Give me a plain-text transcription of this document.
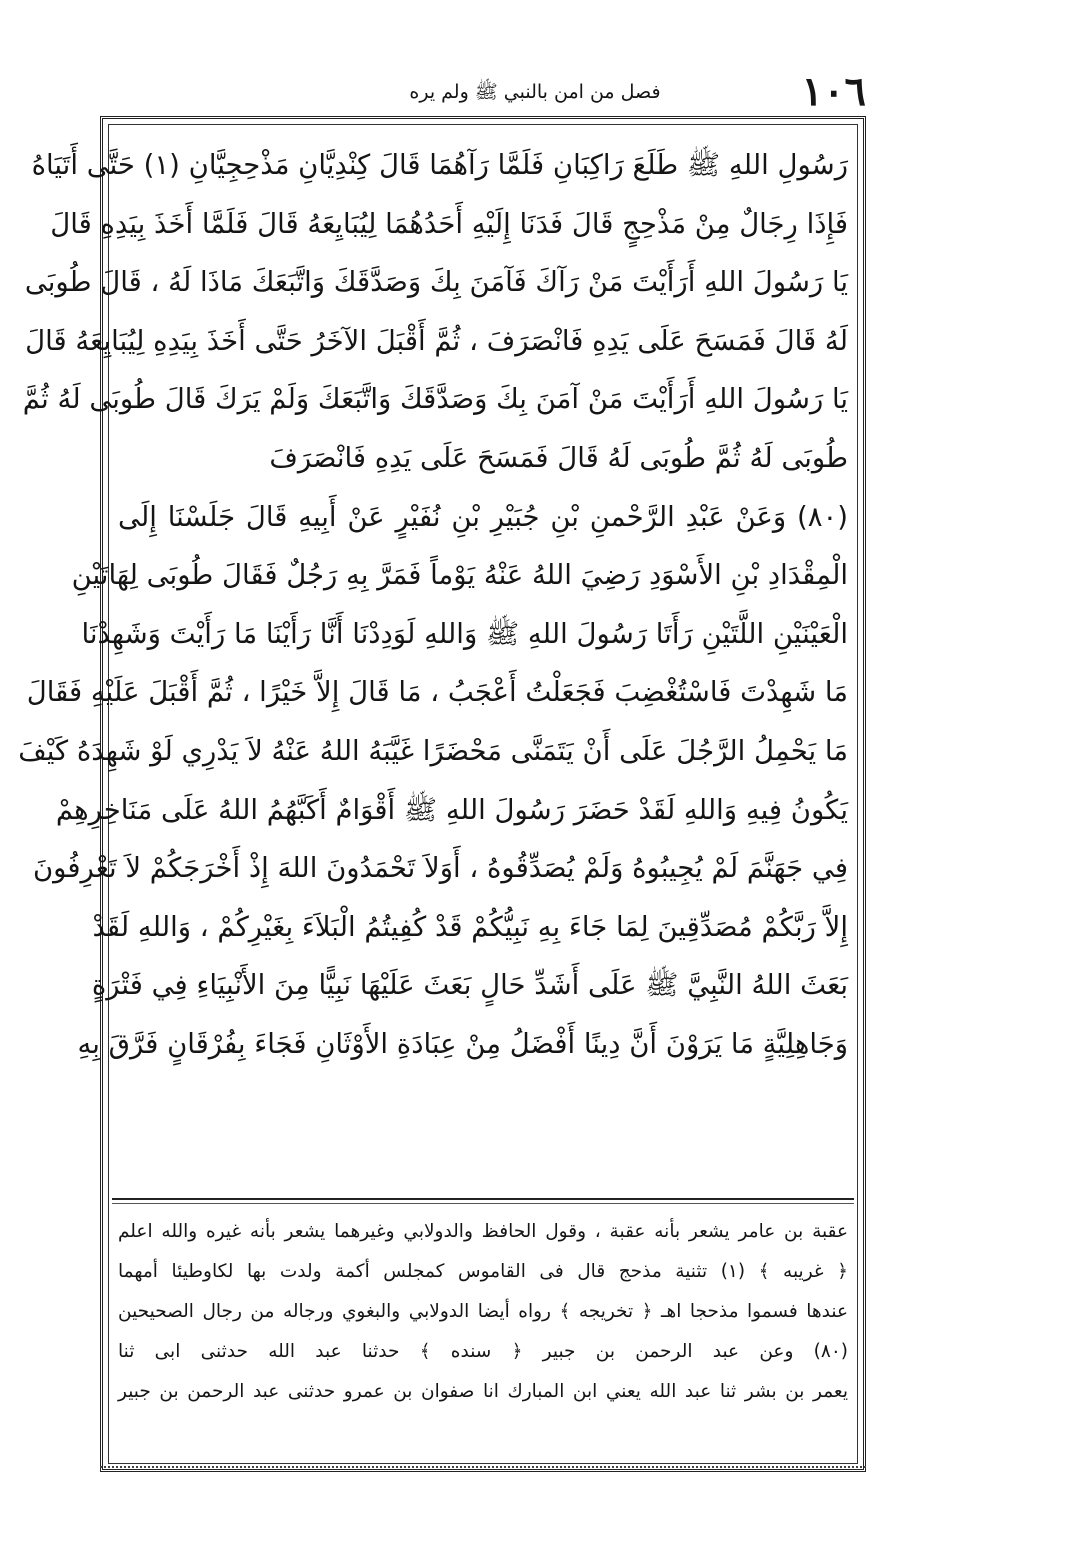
١٠٦
فصل من امن بالنبي ﷺ ولم يره
رَسُولِ اللهِ ﷺ طَلَعَ رَاكِبَانِ فَلَمَّا رَآهُمَا قَالَ كِنْدِيَّانِ مَذْحِجِيَّانِ (١) حَتَّى أَتَيَاهُ
فَإِذَا رِجَالٌ مِنْ مَذْحِجٍ قَالَ فَدَنَا إِلَيْهِ أَحَدُهُمَا لِيُبَايِعَهُ قَالَ فَلَمَّا أَخَذَ بِيَدِهِ قَالَ
يَا رَسُولَ اللهِ أَرَأَيْتَ مَنْ رَآكَ فَآمَنَ بِكَ وَصَدَّقَكَ وَاتَّبَعَكَ مَاذَا لَهُ ، قَالَ طُوبَى
لَهُ قَالَ فَمَسَحَ عَلَى يَدِهِ فَانْصَرَفَ ، ثُمَّ أَقْبَلَ الآخَرُ حَتَّى أَخَذَ بِيَدِهِ لِيُبَايِعَهُ قَالَ
يَا رَسُولَ اللهِ أَرَأَيْتَ مَنْ آمَنَ بِكَ وَصَدَّقَكَ وَاتَّبَعَكَ وَلَمْ يَرَكَ قَالَ طُوبَى لَهُ ثُمَّ
طُوبَى لَهُ ثُمَّ طُوبَى لَهُ قَالَ فَمَسَحَ عَلَى يَدِهِ فَانْصَرَفَ
(٨٠) وَعَنْ عَبْدِ الرَّحْمنِ بْنِ جُبَيْرِ بْنِ نُفَيْرٍ عَنْ أَبِيهِ قَالَ جَلَسْنَا إِلَى
الْمِقْدَادِ بْنِ الأَسْوَدِ رَضِيَ اللهُ عَنْهُ يَوْماً فَمَرَّ بِهِ رَجُلٌ فَقَالَ طُوبَى لِهَاتَيْنِ
الْعَيْنَيْنِ اللَّتَيْنِ رَأَتَا رَسُولَ اللهِ ﷺ وَاللهِ لَوَدِدْنَا أَنَّا رَأَيْنَا مَا رَأَيْتَ وَشَهِدْنَا
مَا شَهِدْتَ فَاسْتُغْضِبَ فَجَعَلْتُ أَعْجَبُ ، مَا قَالَ إِلاَّ خَيْرًا ، ثُمَّ أَقْبَلَ عَلَيْهِ فَقَالَ
مَا يَحْمِلُ الرَّجُلَ عَلَى أَنْ يَتَمَنَّى مَحْضَرًا غَيَّبَهُ اللهُ عَنْهُ لاَ يَدْرِي لَوْ شَهِدَهُ كَيْفَ
يَكُونُ فِيهِ وَاللهِ لَقَدْ حَضَرَ رَسُولَ اللهِ ﷺ أَقْوَامٌ أَكَبَّهُمُ اللهُ عَلَى مَنَاخِرِهِمْ
فِي جَهَنَّمَ لَمْ يُجِيبُوهُ وَلَمْ يُصَدِّقُوهُ ، أَوَلاَ تَحْمَدُونَ اللهَ إِذْ أَخْرَجَكُمْ لاَ تَعْرِفُونَ
إِلاَّ رَبَّكُمْ مُصَدِّقِينَ لِمَا جَاءَ بِهِ نَبِيُّكُمْ قَدْ كُفِيتُمُ الْبَلاَءَ بِغَيْرِكُمْ ، وَاللهِ لَقَدْ
بَعَثَ اللهُ النَّبِيَّ ﷺ عَلَى أَشَدِّ حَالٍ بَعَثَ عَلَيْهَا نَبِيًّا مِنَ الأَنْبِيَاءِ فِي فَتْرَةٍ
وَجَاهِلِيَّةٍ مَا يَرَوْنَ أَنَّ دِينًا أَفْضَلُ مِنْ عِبَادَةِ الأَوْثَانِ فَجَاءَ بِفُرْقَانٍ فَرَّقَ بِهِ
عقبة بن عامر يشعر بأنه عقبة ، وقول الحافظ والدولابي وغيرهما يشعر بأنه غيره والله اعلم
﴿ غريبه ﴾ (١) تثنية مذحج قال فى القاموس كمجلس أكمة ولدت بها لكاوطيئا أمهما
عندها فسموا مذحجا اهـ ﴿ تخريجه ﴾ رواه أيضا الدولابي والبغوي ورجاله من رجال الصحيحين
(٨٠) وعن عبد الرحمن بن جبير ﴿ سنده ﴾ حدثنا عبد الله حدثنى ابى ثنا
يعمر بن بشر ثنا عبد الله يعني ابن المبارك انا صفوان بن عمرو حدثنى عبد الرحمن بن جبير
